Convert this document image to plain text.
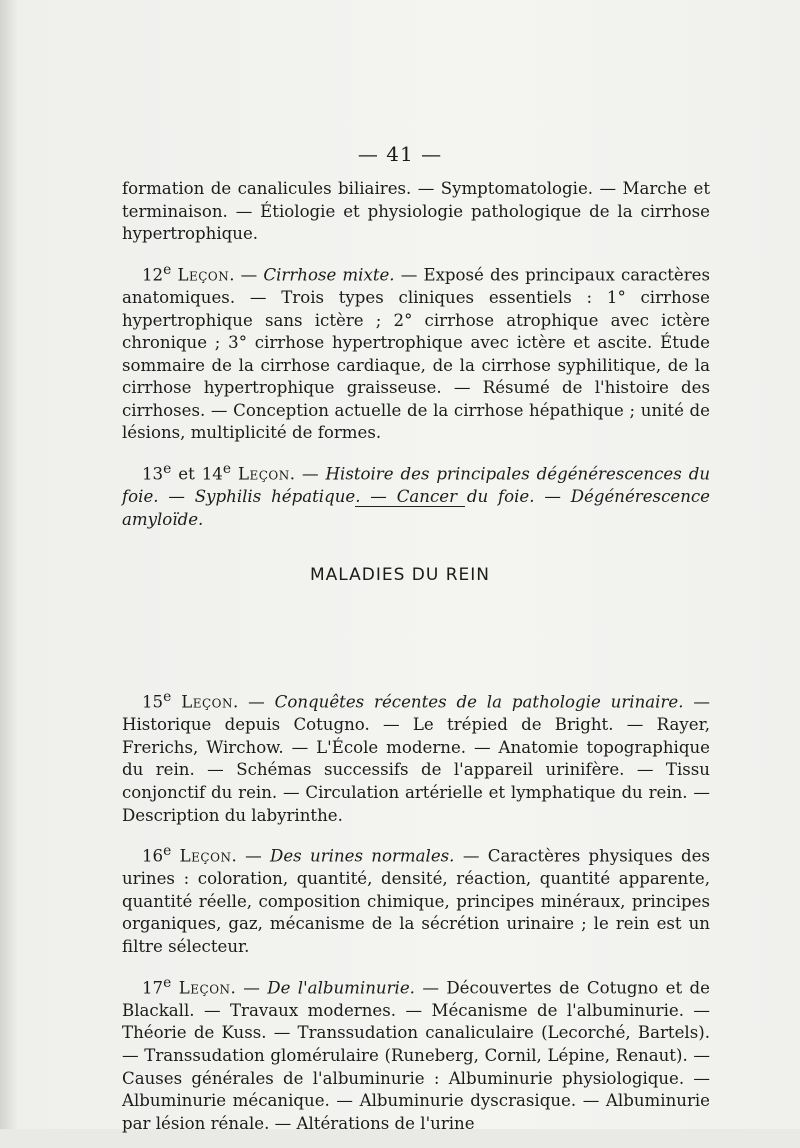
— 41 —

formation de canalicules biliaires. — Symptomatologie. — Marche et terminaison. — Étiologie et physiologie pathologique de la cirrhose hypertrophique.

12e Leçon. — Cirrhose mixte. — Exposé des principaux caractères anatomiques. — Trois types cliniques essentiels : 1° cirrhose hypertrophique sans ictère ; 2° cirrhose atrophique avec ictère chronique ; 3° cirrhose hypertrophique avec ictère et ascite. Étude sommaire de la cirrhose cardiaque, de la cirrhose syphilitique, de la cirrhose hypertrophique graisseuse. — Résumé de l'histoire des cirrhoses. — Conception actuelle de la cirrhose hépathique ; unité de lésions, multiplicité de formes.

13e et 14e Leçon. — Histoire des principales dégénérescences du foie. — Syphilis hépatique. — Cancer du foie. — Dégénérescence amyloïde.

MALADIES DU REIN

15e Leçon. — Conquêtes récentes de la pathologie urinaire. — Historique depuis Cotugno. — Le trépied de Bright. — Rayer, Frerichs, Wirchow. — L'École moderne. — Anatomie topographique du rein. — Schémas successifs de l'appareil urinifère. — Tissu conjonctif du rein. — Circulation artérielle et lymphatique du rein. — Description du labyrinthe.

16e Leçon. — Des urines normales. — Caractères physiques des urines : coloration, quantité, densité, réaction, quantité apparente, quantité réelle, composition chimique, principes minéraux, principes organiques, gaz, mécanisme de la sécrétion urinaire ; le rein est un filtre sélecteur.

17e Leçon. — De l'albuminurie. — Découvertes de Cotugno et de Blackall. — Travaux modernes. — Mécanisme de l'albuminurie. — Théorie de Kuss. — Transsudation canaliculaire (Lecorché, Bartels). — Transsudation glomérulaire (Runeberg, Cornil, Lépine, Renaut). — Causes générales de l'albuminurie : Albuminurie physiologique. — Albuminurie mécanique. — Albuminurie dyscrasique. — Albuminurie par lésion rénale. — Altérations de l'urine
